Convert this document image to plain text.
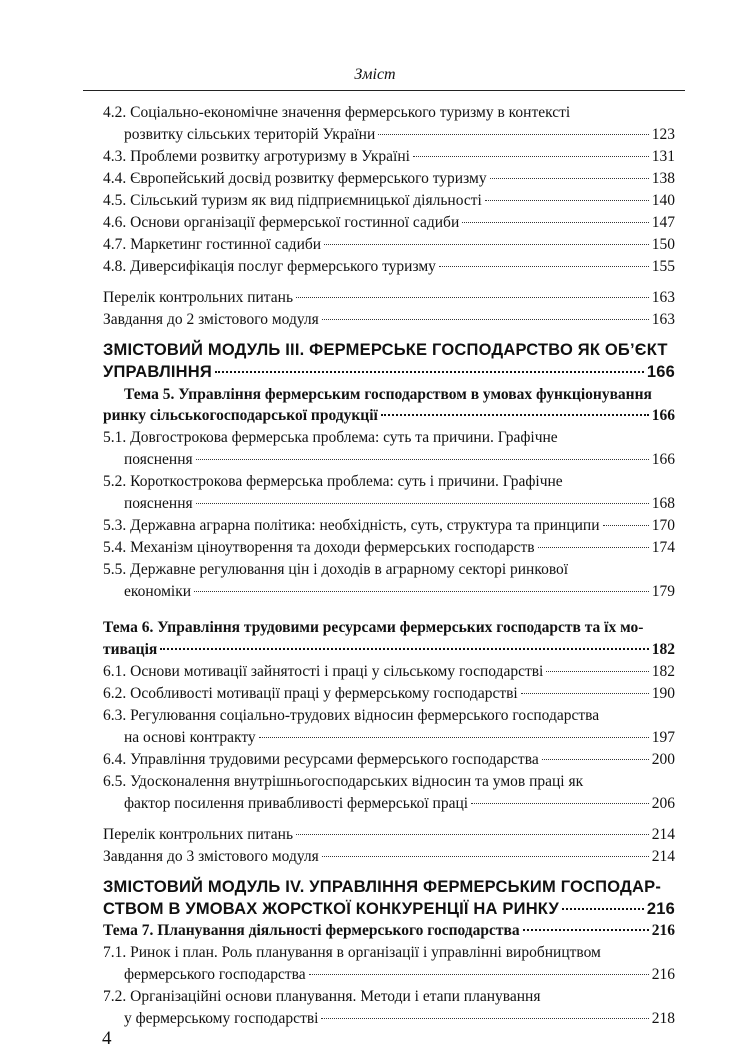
Зміст
4.2. Соціально-економічне значення фермерського туризму в контексті
розвитку сільських територій України	123
4.3. Проблеми розвитку агротуризму в Україні	131
4.4. Європейський досвід розвитку фермерського туризму	138
4.5. Сільський туризм як вид підприємницької діяльності	140
4.6. Основи організації фермерської гостинної садиби	147
4.7. Маркетинг гостинної садиби	150
4.8. Диверсифікація послуг фермерського туризму	155
Перелік контрольних питань	163
Завдання до 2 змістового модуля	163
ЗМІСТОВИЙ МОДУЛЬ ІІІ. ФЕРМЕРСЬКЕ ГОСПОДАРСТВО ЯК ОБ’ЄКТ
УПРАВЛІННЯ	166
Тема 5. Управління фермерським господарством в умовах функціонування
ринку сільськогосподарської продукції	166
5.1. Довгострокова фермерська проблема: суть та причини. Графічне
пояснення	166
5.2. Короткострокова фермерська проблема: суть і причини. Графічне
пояснення	168
5.3. Державна аграрна політика: необхідність, суть, структура та принципи	170
5.4. Механізм ціноутворення та доходи фермерських господарств	174
5.5. Державне регулювання цін і доходів в аграрному секторі ринкової
економіки	179
Тема 6. Управління трудовими ресурсами фермерських господарств та їх мо-
тивація	182
6.1. Основи мотивації зайнятості і праці у сільському господарстві	182
6.2. Особливості мотивації праці у фермерському господарстві	190
6.3. Регулювання соціально-трудових відносин фермерського господарства
на основі контракту	197
6.4. Управління трудовими ресурсами фермерського господарства	200
6.5. Удосконалення внутрішньогосподарських відносин та умов праці як
фактор посилення привабливості фермерської праці	206
Перелік контрольних питань	214
Завдання до 3 змістового модуля	214
ЗМІСТОВИЙ МОДУЛЬ IV. УПРАВЛІННЯ ФЕРМЕРСЬКИМ ГОСПОДАР-
СТВОМ В УМОВАХ ЖОРСТКОЇ КОНКУРЕНЦІЇ НА РИНКУ	216
Тема 7. Планування діяльності фермерського господарства	216
7.1. Ринок і план. Роль планування в організації і управлінні виробництвом
фермерського господарства	216
7.2. Організаційні основи планування. Методи і етапи планування
у фермерському господарстві	218
4
